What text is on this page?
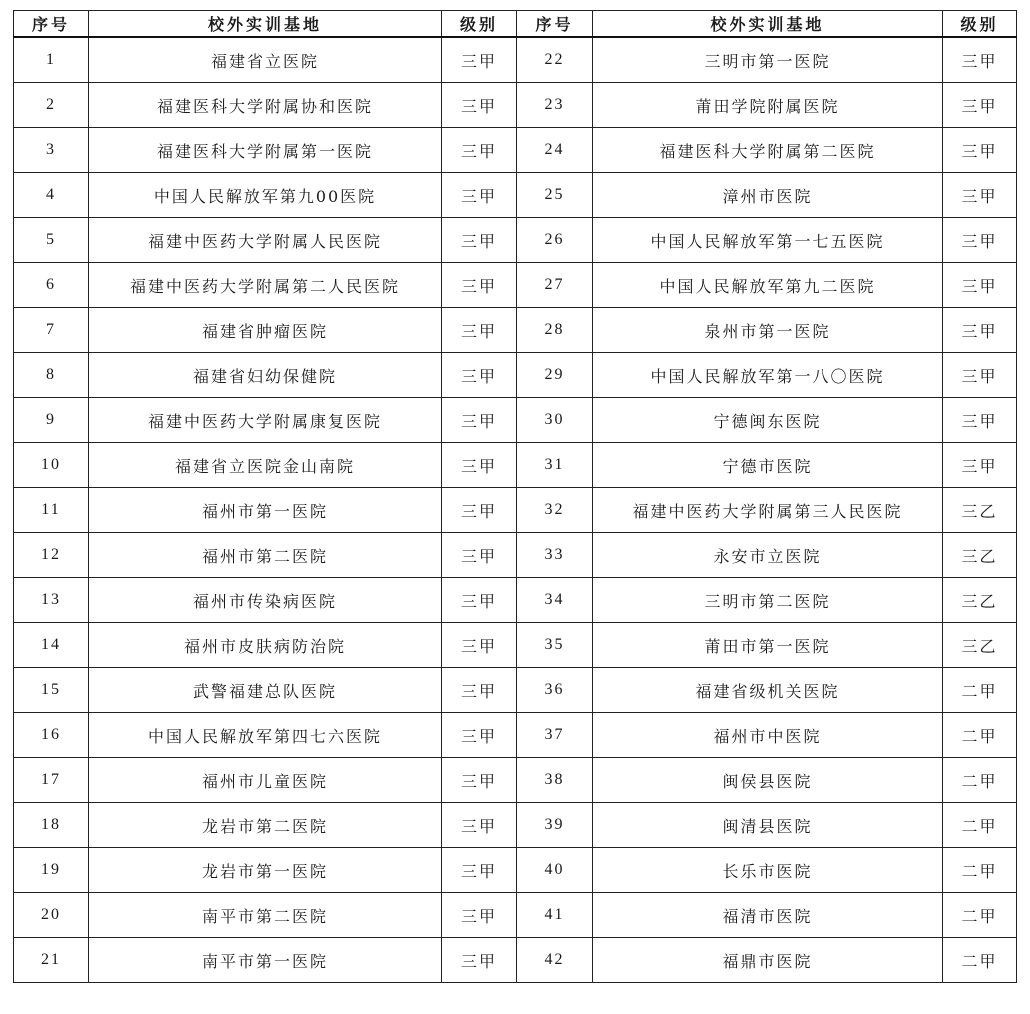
序号	校外实训基地	级别	序号	校外实训基地	级别
1	福建省立医院	三甲	22	三明市第一医院	三甲
2	福建医科大学附属协和医院	三甲	23	莆田学院附属医院	三甲
3	福建医科大学附属第一医院	三甲	24	福建医科大学附属第二医院	三甲
4	中国人民解放军第九00医院	三甲	25	漳州市医院	三甲
5	福建中医药大学附属人民医院	三甲	26	中国人民解放军第一七五医院	三甲
6	福建中医药大学附属第二人民医院	三甲	27	中国人民解放军第九二医院	三甲
7	福建省肿瘤医院	三甲	28	泉州市第一医院	三甲
8	福建省妇幼保健院	三甲	29	中国人民解放军第一八〇医院	三甲
9	福建中医药大学附属康复医院	三甲	30	宁德闽东医院	三甲
10	福建省立医院金山南院	三甲	31	宁德市医院	三甲
11	福州市第一医院	三甲	32	福建中医药大学附属第三人民医院	三乙
12	福州市第二医院	三甲	33	永安市立医院	三乙
13	福州市传染病医院	三甲	34	三明市第二医院	三乙
14	福州市皮肤病防治院	三甲	35	莆田市第一医院	三乙
15	武警福建总队医院	三甲	36	福建省级机关医院	二甲
16	中国人民解放军第四七六医院	三甲	37	福州市中医院	二甲
17	福州市儿童医院	三甲	38	闽侯县医院	二甲
18	龙岩市第二医院	三甲	39	闽清县医院	二甲
19	龙岩市第一医院	三甲	40	长乐市医院	二甲
20	南平市第二医院	三甲	41	福清市医院	二甲
21	南平市第一医院	三甲	42	福鼎市医院	二甲
